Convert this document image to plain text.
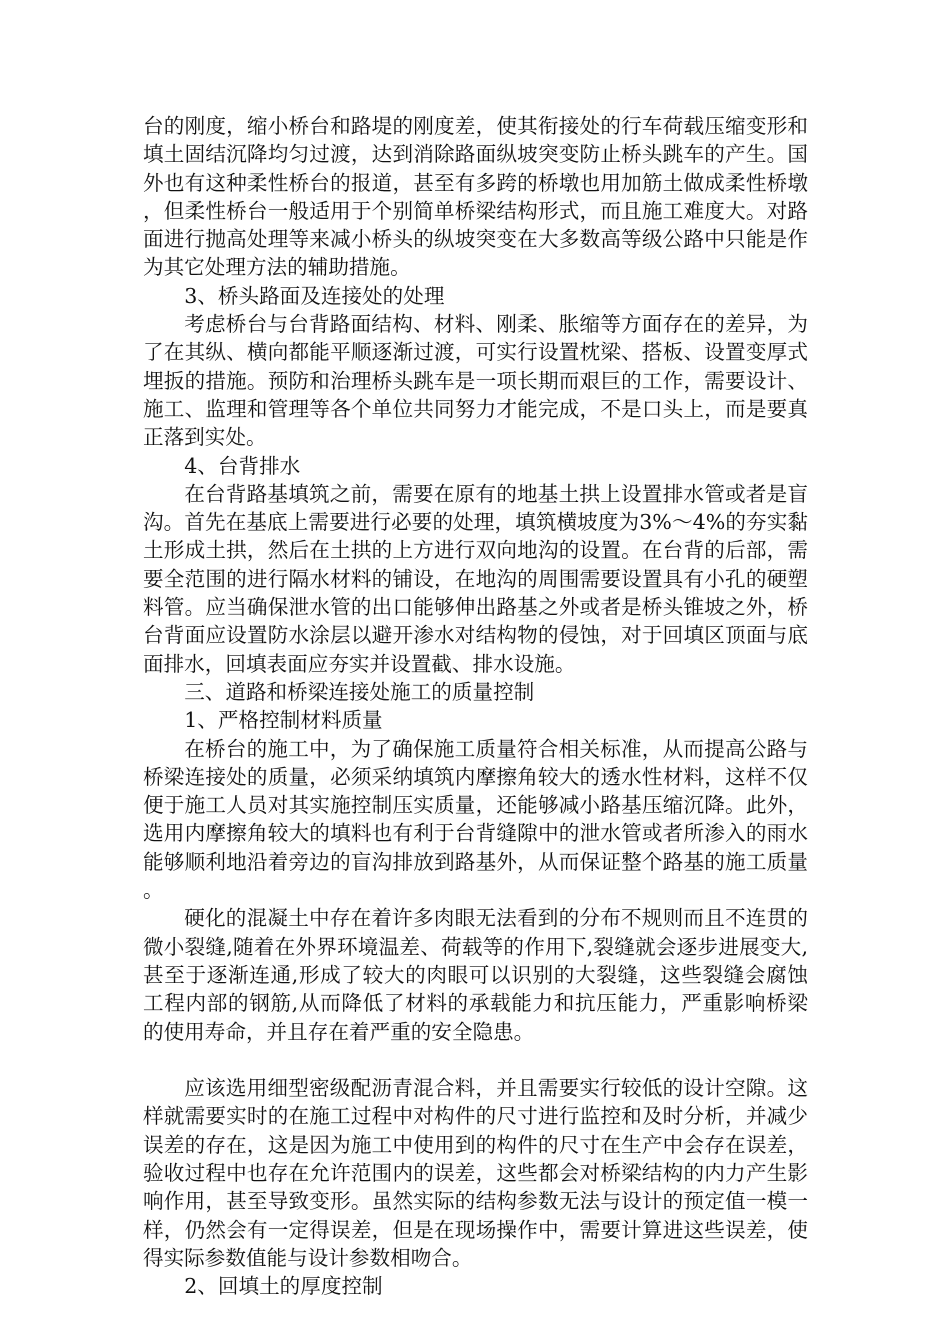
台的刚度，缩小桥台和路堤的刚度差，使其衔接处的行车荷载压缩变形和填土固结沉降均匀过渡，达到消除路面纵坡突变防止桥头跳车的产生。国外也有这种柔性桥台的报道，甚至有多跨的桥墩也用加筋土做成柔性桥墩，但柔性桥台一般适用于个别简单桥梁结构形式，而且施工难度大。对路面进行抛高处理等来减小桥头的纵坡突变在大多数高等级公路中只能是作为其它处理方法的辅助措施。

3、桥头路面及连接处的处理

考虑桥台与台背路面结构、材料、刚柔、胀缩等方面存在的差异，为了在其纵、横向都能平顺逐渐过渡，可实行设置枕梁、搭板、设置变厚式埋扳的措施。预防和治理桥头跳车是一项长期而艰巨的工作，需要设计、施工、监理和管理等各个单位共同努力才能完成，不是口头上，而是要真正落到实处。

4、台背排水

在台背路基填筑之前，需要在原有的地基土拱上设置排水管或者是盲沟。首先在基底上需要进行必要的处理，填筑横坡度为3%～4%的夯实黏土形成土拱，然后在土拱的上方进行双向地沟的设置。在台背的后部，需要全范围的进行隔水材料的铺设，在地沟的周围需要设置具有小孔的硬塑料管。应当确保泄水管的出口能够伸出路基之外或者是桥头锥坡之外，桥台背面应设置防水涂层以避开渗水对结构物的侵蚀，对于回填区顶面与底面排水，回填表面应夯实并设置截、排水设施。

三、道路和桥梁连接处施工的质量控制

1、严格控制材料质量

在桥台的施工中，为了确保施工质量符合相关标准，从而提高公路与桥梁连接处的质量，必须采纳填筑内摩擦角较大的透水性材料，这样不仅便于施工人员对其实施控制压实质量，还能够减小路基压缩沉降。此外，选用内摩擦角较大的填料也有利于台背缝隙中的泄水管或者所渗入的雨水能够顺利地沿着旁边的盲沟排放到路基外，从而保证整个路基的施工质量。

硬化的混凝土中存在着许多肉眼无法看到的分布不规则而且不连贯的微小裂缝,随着在外界环境温差、荷载等的作用下,裂缝就会逐步进展变大,甚至于逐渐连通,形成了较大的肉眼可以识别的大裂缝，这些裂缝会腐蚀工程内部的钢筋,从而降低了材料的承载能力和抗压能力，严重影响桥梁的使用寿命，并且存在着严重的安全隐患。

应该选用细型密级配沥青混合料，并且需要实行较低的设计空隙。这样就需要实时的在施工过程中对构件的尺寸进行监控和及时分析，并减少误差的存在，这是因为施工中使用到的构件的尺寸在生产中会存在误差，验收过程中也存在允许范围内的误差，这些都会对桥梁结构的内力产生影响作用，甚至导致变形。虽然实际的结构参数无法与设计的预定值一模一样，仍然会有一定得误差，但是在现场操作中，需要计算进这些误差，使得实际参数值能与设计参数相吻合。

2、回填土的厚度控制
